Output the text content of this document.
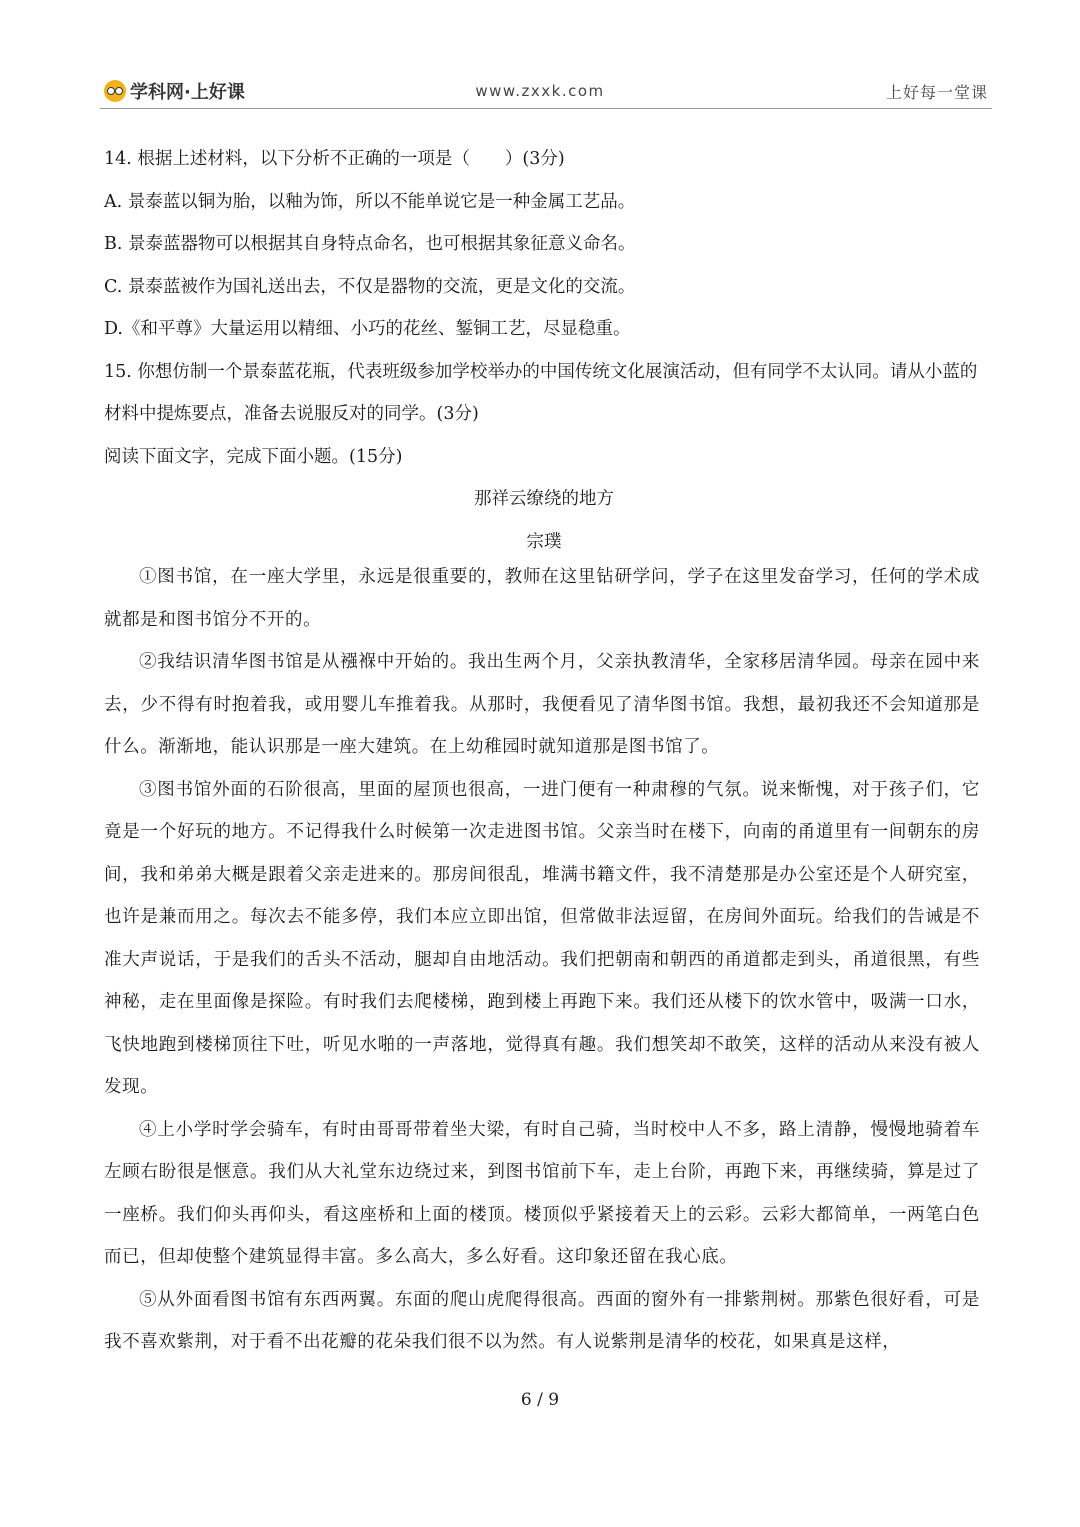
学科网·上好课	www.zxxk.com	上好每一堂课
14. 根据上述材料，以下分析不正确的一项是（　　）(3分)
A. 景泰蓝以铜为胎，以釉为饰，所以不能单说它是一种金属工艺品。
B. 景泰蓝器物可以根据其自身特点命名，也可根据其象征意义命名。
C. 景泰蓝被作为国礼送出去，不仅是器物的交流，更是文化的交流。
D.《和平尊》大量运用以精细、小巧的花丝、錾铜工艺，尽显稳重。
15. 你想仿制一个景泰蓝花瓶，代表班级参加学校举办的中国传统文化展演活动，但有同学不太认同。请从小蓝的材料中提炼要点，准备去说服反对的同学。(3分)
阅读下面文字，完成下面小题。(15分)
那祥云缭绕的地方
宗璞

①图书馆，在一座大学里，永远是很重要的，教师在这里钻研学问，学子在这里发奋学习，任何的学术成就都是和图书馆分不开的。

②我结识清华图书馆是从襁褓中开始的。我出生两个月，父亲执教清华，全家移居清华园。母亲在园中来去，少不得有时抱着我，或用婴儿车推着我。从那时，我便看见了清华图书馆。我想，最初我还不会知道那是什么。渐渐地，能认识那是一座大建筑。在上幼稚园时就知道那是图书馆了。

③图书馆外面的石阶很高，里面的屋顶也很高，一进门便有一种肃穆的气氛。说来惭愧，对于孩子们，它竟是一个好玩的地方。不记得我什么时候第一次走进图书馆。父亲当时在楼下，向南的甬道里有一间朝东的房间，我和弟弟大概是跟着父亲走进来的。那房间很乱，堆满书籍文件，我不清楚那是办公室还是个人研究室，也许是兼而用之。每次去不能多停，我们本应立即出馆，但常做非法逗留，在房间外面玩。给我们的告诫是不准大声说话，于是我们的舌头不活动，腿却自由地活动。我们把朝南和朝西的甬道都走到头，甬道很黑，有些神秘，走在里面像是探险。有时我们去爬楼梯，跑到楼上再跑下来。我们还从楼下的饮水管中，吸满一口水，飞快地跑到楼梯顶往下吐，听见水啪的一声落地，觉得真有趣。我们想笑却不敢笑，这样的活动从来没有被人发现。

④上小学时学会骑车，有时由哥哥带着坐大梁，有时自己骑，当时校中人不多，路上清静，慢慢地骑着车左顾右盼很是惬意。我们从大礼堂东边绕过来，到图书馆前下车，走上台阶，再跑下来，再继续骑，算是过了一座桥。我们仰头再仰头，看这座桥和上面的楼顶。楼顶似乎紧接着天上的云彩。云彩大都简单，一两笔白色而已，但却使整个建筑显得丰富。多么高大，多么好看。这印象还留在我心底。

⑤从外面看图书馆有东西两翼。东面的爬山虎爬得很高。西面的窗外有一排紫荆树。那紫色很好看，可是我不喜欢紫荆，对于看不出花瓣的花朵我们很不以为然。有人说紫荆是清华的校花，如果真是这样，

6 / 9
